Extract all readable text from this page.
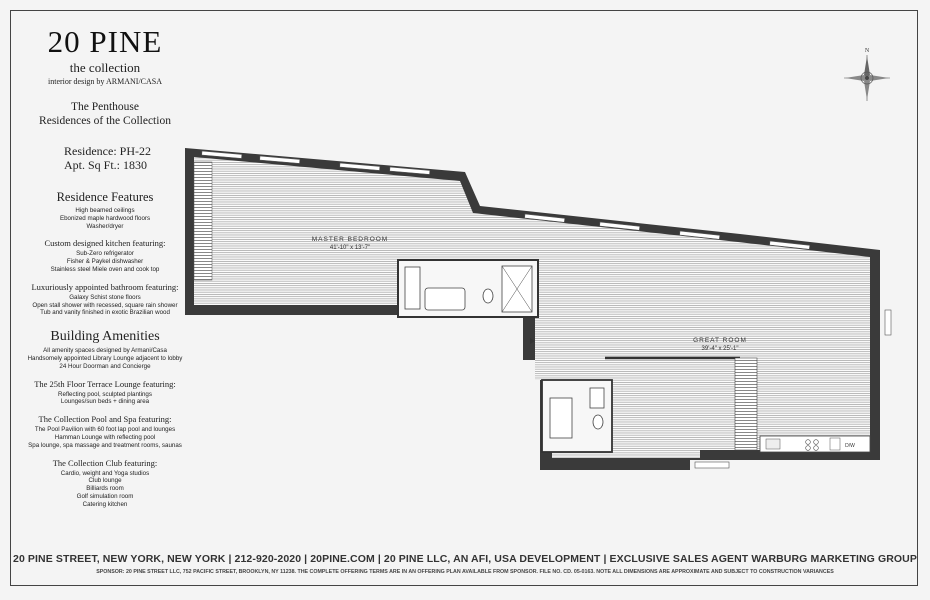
20 PINE
the collection
interior design by ARMANI/CASA
The Penthouse
Residences of the Collection
Residence: PH-22
Apt. Sq Ft.: 1830
Residence Features
High beamed ceilings
Ebonized maple hardwood floors
Washer/dryer
Custom designed kitchen featuring:
Sub-Zero refrigerator
Fisher & Paykel dishwasher
Stainless steel Miele oven and cook top
Luxuriously appointed bathroom featuring:
Galaxy Schist stone floors
Open stall shower with recessed, square rain shower
Tub and vanity finished in exotic Brazilian wood
Building Amenities
All amenity spaces designed by Armani/Casa
Handsomely appointed Library Lounge adjacent to lobby
24 Hour Doorman and Concierge
The 25th Floor Terrace Lounge featuring:
Reflecting pool, sculpted plantings
Lounges/sun beds + dining area
The Collection Pool and Spa featuring:
The Pool Pavilion with 60 foot lap pool and lounges
Hamman Lounge with reflecting pool
Spa lounge, spa massage and treatment rooms, saunas
The Collection Club featuring:
Cardio, weight and Yoga studios
Club lounge
Billiards room
Golf simulation room
Catering kitchen
N
MASTER BEDROOM
41'-10" x 13'-7"
GREAT ROOM
39'-4" x 25'-1"
D/W
20 PINE STREET, NEW YORK, NEW YORK | 212-920-2020 | 20PINE.COM | 20 PINE LLC, AN AFI, USA DEVELOPMENT | EXCLUSIVE SALES AGENT WARBURG MARKETING GROUP
SPONSOR: 20 PINE STREET LLC, 752 PACIFIC STREET, BROOKLYN, NY 11238. THE COMPLETE OFFERING TERMS ARE IN AN OFFERING PLAN AVAILABLE FROM SPONSOR. FILE NO. CD. 05-0163. NOTE ALL DIMENSIONS ARE APPROXIMATE AND SUBJECT TO CONSTRUCTION VARIANCES
